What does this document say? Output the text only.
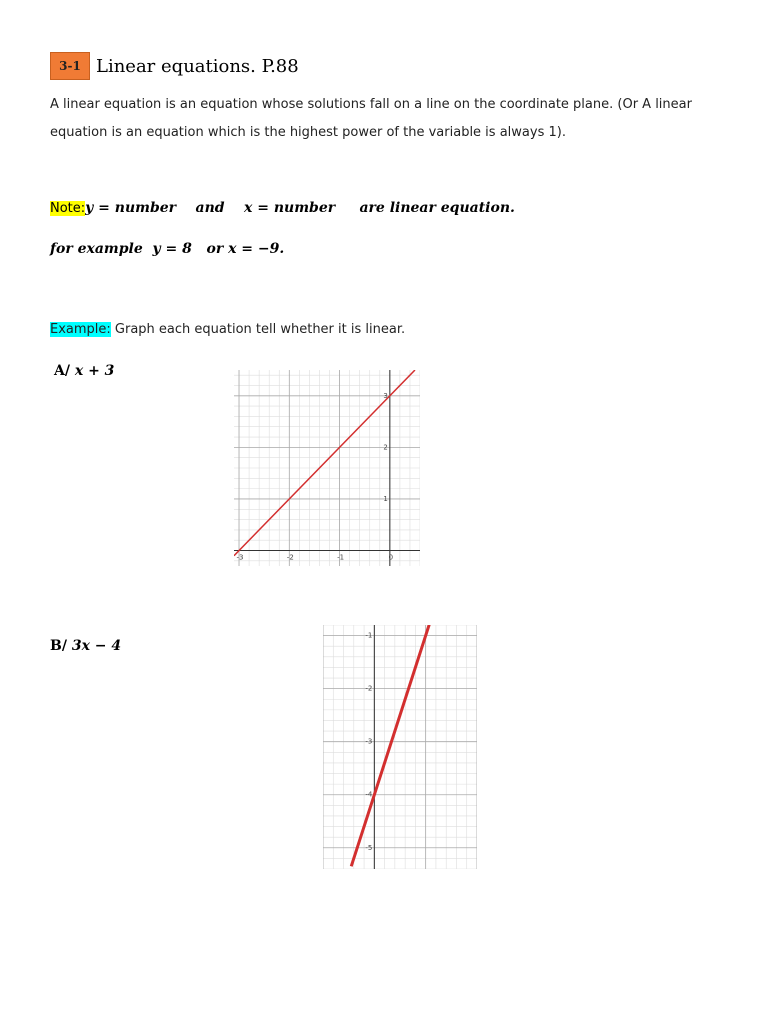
3-1 Linear equations. P.88
A linear equation is an equation whose solutions fall on a line on the coordinate plane. (Or A linear equation is an equation which is the highest power of the variable is always 1).
Note:y = number    and    x = number     are linear equation.
for example  y = 8   or x = −9.
Example: Graph each equation tell whether it is linear.
A/ x + 3
B/ 3x − 4
-3	-2	-1	0
1
2
3
-1
-2
-3
-4
-5
